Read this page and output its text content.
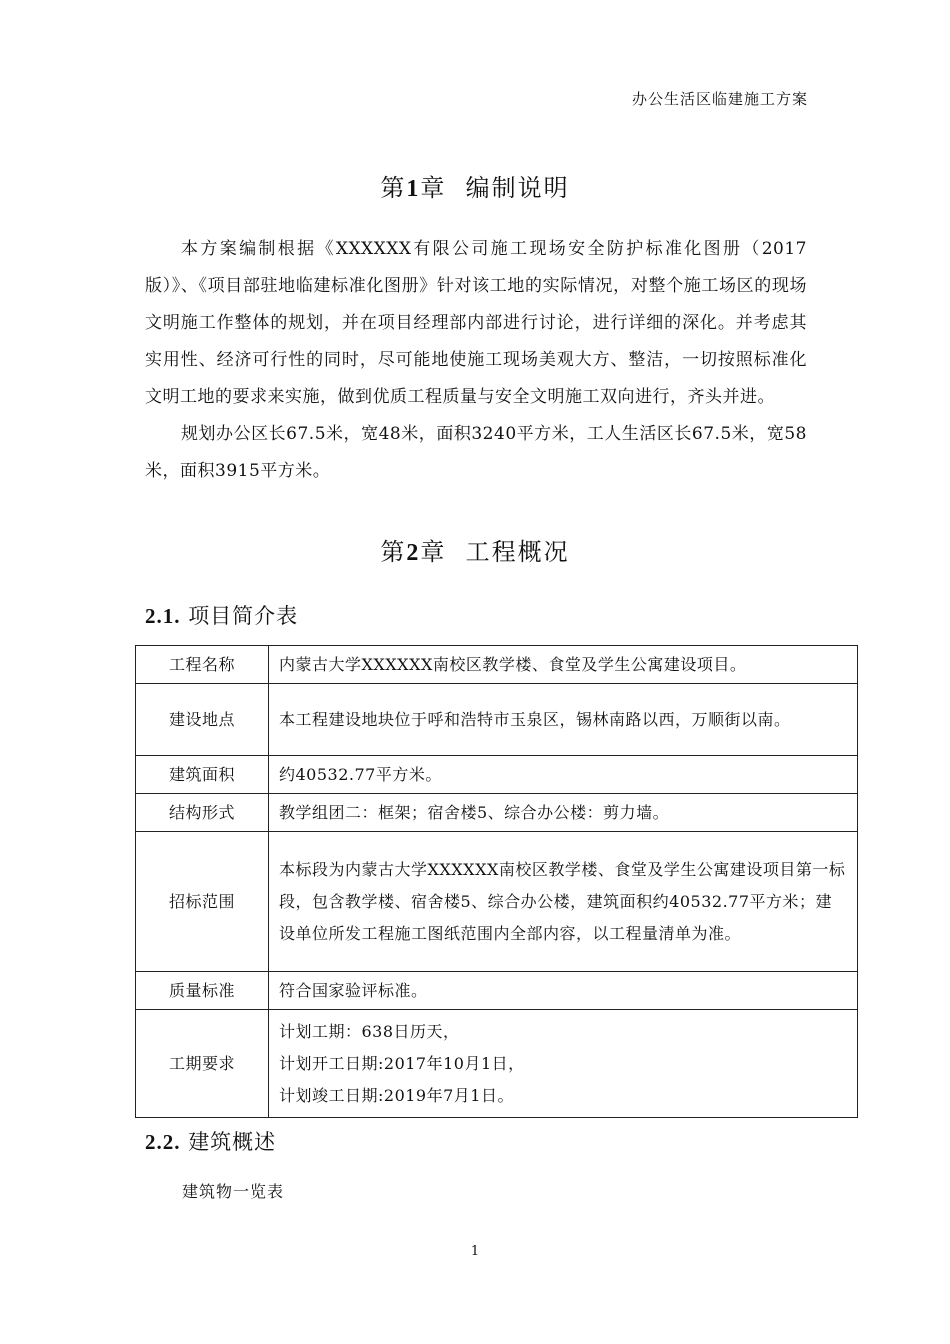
办公生活区临建施工方案
第1章 编制说明

本方案编制根据《XXXXXX有限公司施工现场安全防护标准化图册（2017版）》、《项目部驻地临建标准化图册》针对该工地的实际情况，对整个施工场区的现场文明施工作整体的规划，并在项目经理部内部进行讨论，进行详细的深化。并考虑其实用性、经济可行性的同时，尽可能地使施工现场美观大方、整洁，一切按照标准化文明工地的要求来实施，做到优质工程质量与安全文明施工双向进行，齐头并进。

规划办公区长67.5米，宽48米，面积3240平方米，工人生活区长67.5米，宽58米，面积3915平方米。

第2章 工程概况
2.1. 项目简介表
工程名称	内蒙古大学XXXXXX南校区教学楼、食堂及学生公寓建设项目。

建设地点	本工程建设地块位于呼和浩特市玉泉区，锡林南路以西，万顺街以南。

建筑面积	约40532.77平方米。

结构形式	教学组团二：框架；宿舍楼5、综合办公楼：剪力墙。

招标范围	本标段为内蒙古大学XXXXXX南校区教学楼、食堂及学生公寓建设项目第一标段，包含教学楼、宿舍楼5、综合办公楼，建筑面积约40532.77平方米；建设单位所发工程施工图纸范围内全部内容，以工程量清单为准。

质量标准	符合国家验评标准。

工期要求	计划工期：638日历天，

计划开工日期:2017年10月1日，

计划竣工日期:2019年7月1日。

2.2. 建筑概述
建筑物一览表
1
